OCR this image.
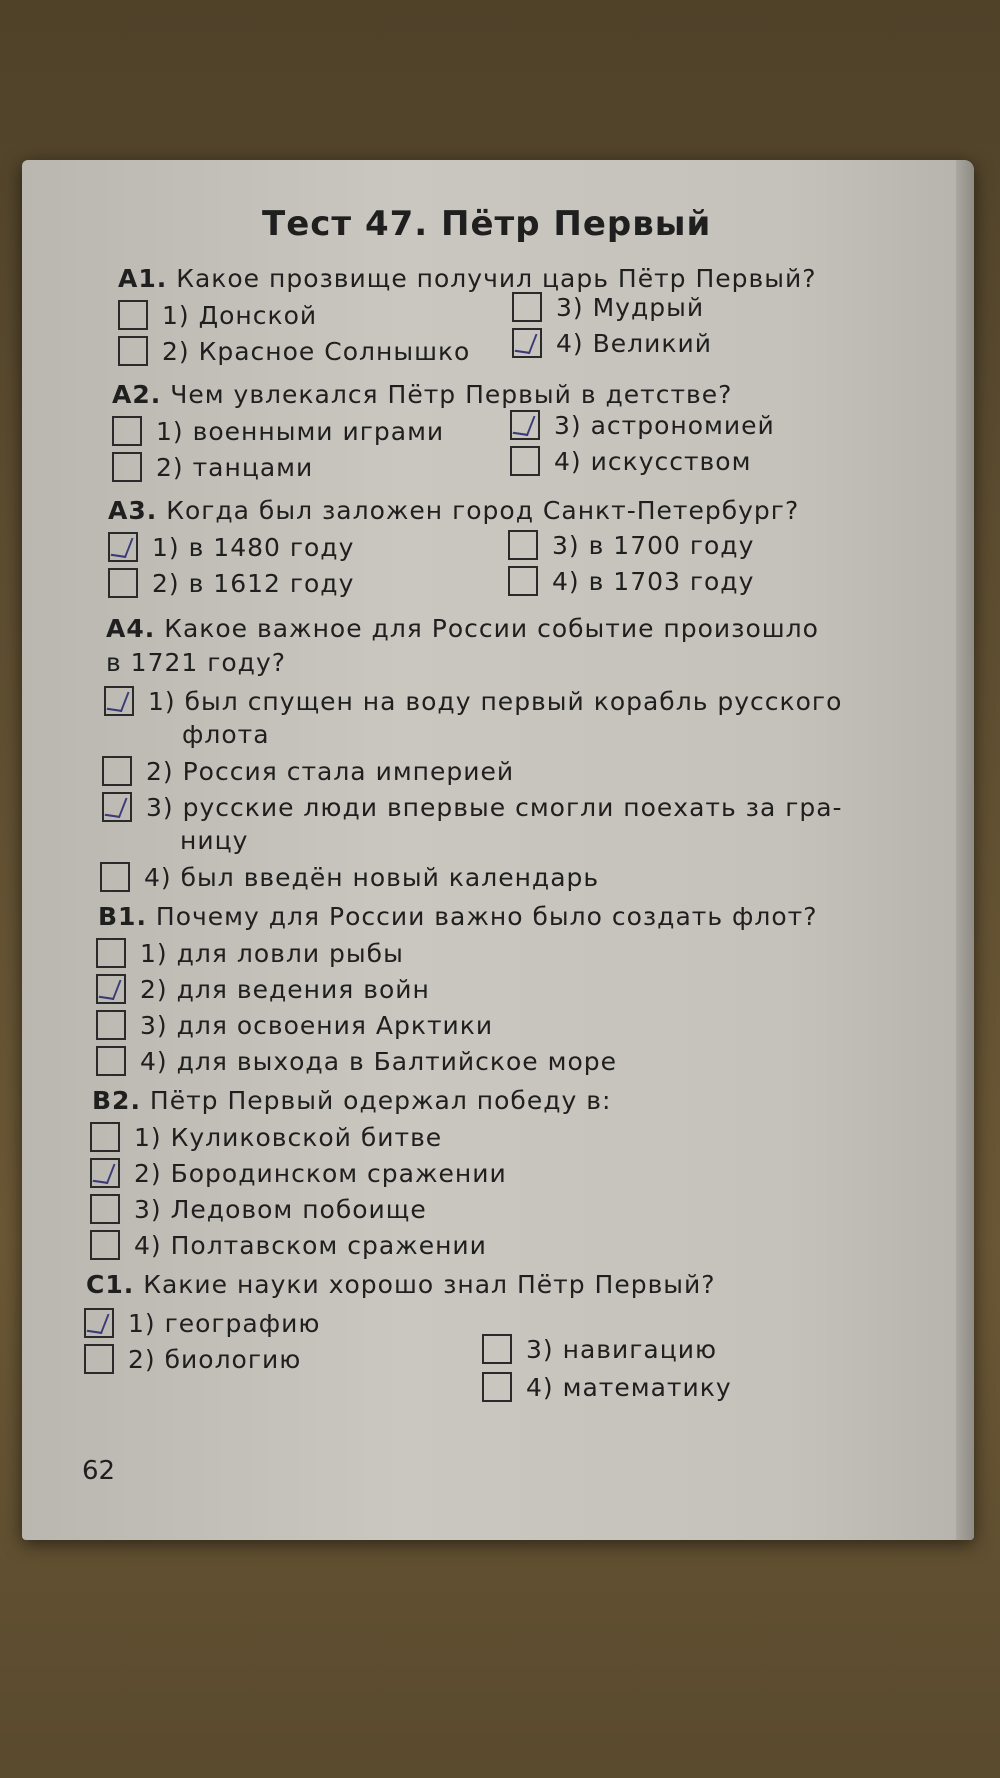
Тест 47. Пётр Первый
А1. Какое прозвище получил царь Пётр Первый?
1) Донской
2) Красное Солнышко
3) Мудрый
4) Великий
А2. Чем увлекался Пётр Первый в детстве?
1) военными играми
2) танцами
3) астрономией
4) искусством
А3. Когда был заложен город Санкт-Петербург?
1) в 1480 году
2) в 1612 году
3) в 1700 году
4) в 1703 году
А4. Какое важное для России событие произошло
в 1721 году?
1) был спущен на воду первый корабль русского
флота
2) Россия стала империей
3) русские люди впервые смогли поехать за гра-
ницу
4) был введён новый календарь
В1. Почему для России важно было создать флот?
1) для ловли рыбы
2) для ведения войн
3) для освоения Арктики
4) для выхода в Балтийское море
В2. Пётр Первый одержал победу в:
1) Куликовской битве
2) Бородинском сражении
3) Ледовом побоище
4) Полтавском сражении
С1. Какие науки хорошо знал Пётр Первый?
1) географию
2) биологию	3) навигацию
4) математику
62
